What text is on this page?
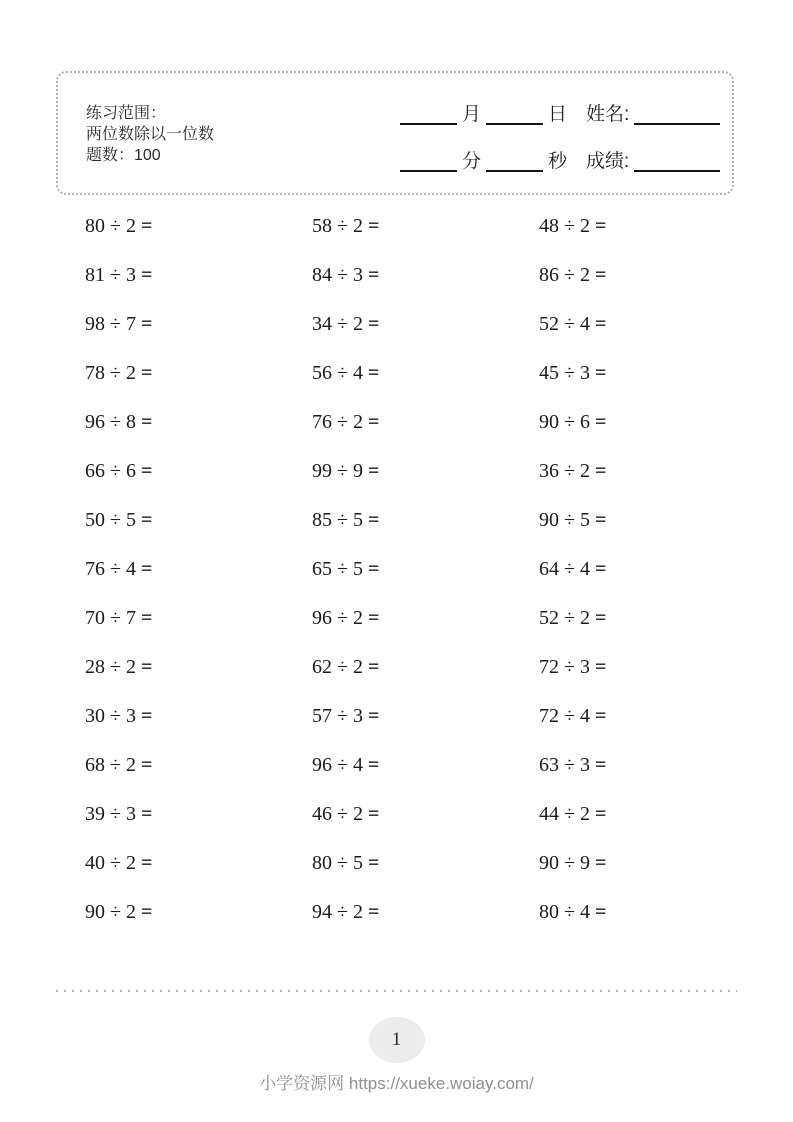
练习范围：
两位数除以一位数
题数：100
月	日 姓名:
分	秒 成绩:
80 ÷ 2 =	58 ÷ 2 =	48 ÷ 2 =
81 ÷ 3 =	84 ÷ 3 =	86 ÷ 2 =
98 ÷ 7 =	34 ÷ 2 =	52 ÷ 4 =
78 ÷ 2 =	56 ÷ 4 =	45 ÷ 3 =
96 ÷ 8 =	76 ÷ 2 =	90 ÷ 6 =
66 ÷ 6 =	99 ÷ 9 =	36 ÷ 2 =
50 ÷ 5 =	85 ÷ 5 =	90 ÷ 5 =
76 ÷ 4 =	65 ÷ 5 =	64 ÷ 4 =
70 ÷ 7 =	96 ÷ 2 =	52 ÷ 2 =
28 ÷ 2 =	62 ÷ 2 =	72 ÷ 3 =
30 ÷ 3 =	57 ÷ 3 =	72 ÷ 4 =
68 ÷ 2 =	96 ÷ 4 =	63 ÷ 3 =
39 ÷ 3 =	46 ÷ 2 =	44 ÷ 2 =
40 ÷ 2 =	80 ÷ 5 =	90 ÷ 9 =
90 ÷ 2 =	94 ÷ 2 =	80 ÷ 4 =
1
小学资源网 https://xueke.woiay.com/
